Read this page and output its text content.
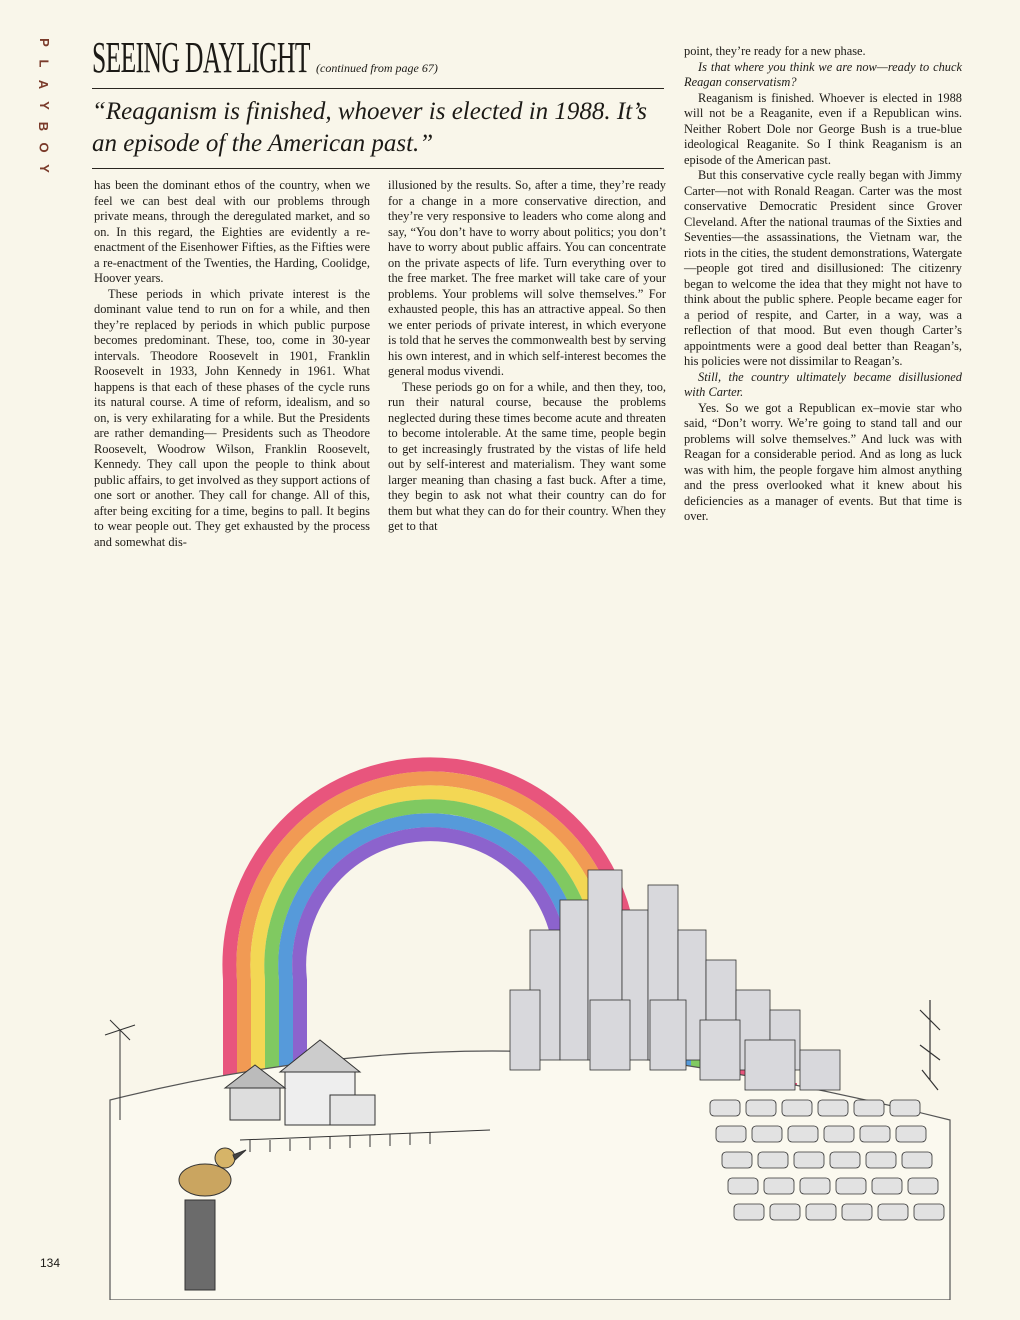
P
L
A
Y
B
O
Y
SEEING DAYLIGHT (continued from page 67)
“Reaganism is finished, whoever is elected in 1988. It’s an episode of the American past.”

has been the dominant ethos of the country, when we feel we can best deal with our problems through private means, through the deregulated market, and so on. In this regard, the Eighties are evidently a re-enactment of the Eisenhower Fifties, as the Fifties were a re-enactment of the Twenties, the Harding, Coolidge, Hoover years.

These periods in which private interest is the dominant value tend to run on for a while, and then they’re replaced by periods in which public purpose becomes predominant. These, too, come in 30-year intervals. Theodore Roosevelt in 1901, Franklin Roosevelt in 1933, John Kennedy in 1961. What happens is that each of these phases of the cycle runs its natural course. A time of reform, idealism, and so on, is very exhilarating for a while. But the Presidents are rather demanding— Presidents such as Theodore Roosevelt, Woodrow Wilson, Franklin Roosevelt, Kennedy. They call upon the people to think about public affairs, to get involved as they support actions of one sort or another. They call for change. All of this, after being exciting for a time, begins to pall. It begins to wear people out. They get exhausted by the process and somewhat dis-

illusioned by the results. So, after a time, they’re ready for a change in a more conservative direction, and they’re very responsive to leaders who come along and say, “You don’t have to worry about politics; you don’t have to worry about public affairs. You can concentrate on the private aspects of life. Turn everything over to the free market. The free market will take care of your problems. Your problems will solve themselves.” For exhausted people, this has an attractive appeal. So then we enter periods of private interest, in which everyone is told that he serves the commonwealth best by serving his own interest, and in which self-interest becomes the general modus vivendi.

These periods go on for a while, and then they, too, run their natural course, because the problems neglected during these times become acute and threaten to become intolerable. At the same time, people begin to get increasingly frustrated by the vistas of life held out by self-interest and materialism. They want some larger meaning than chasing a fast buck. After a time, they begin to ask not what their country can do for them but what they can do for their country. When they get to that

point, they’re ready for a new phase.

Is that where you think we are now—ready to chuck Reagan conservatism?

Reaganism is finished. Whoever is elected in 1988 will not be a Reaganite, even if a Republican wins. Neither Robert Dole nor George Bush is a true-blue ideological Reaganite. So I think Reaganism is an episode of the American past.

But this conservative cycle really began with Jimmy Carter—not with Ronald Reagan. Carter was the most conservative Democratic President since Grover Cleveland. After the national traumas of the Sixties and Seventies—the assassinations, the Vietnam war, the riots in the cities, the student demonstrations, Watergate—people got tired and disillusioned: The citizenry began to welcome the idea that they might not have to think about the public sphere. People became eager for a period of respite, and Carter, in a way, was a reflection of that mood. But even though Carter’s appointments were a good deal better than Reagan’s, his policies were not dissimilar to Reagan’s.

Still, the country ultimately became disillusioned with Carter.

Yes. So we got a Republican ex–movie star who said, “Don’t worry. We’re going to stand tall and our problems will solve themselves.” And luck was with Reagan for a considerable period. And as long as luck was with him, the people forgave him almost anything and the press overlooked what it knew about his deficiencies as a manager of events. But that time is over.

134
